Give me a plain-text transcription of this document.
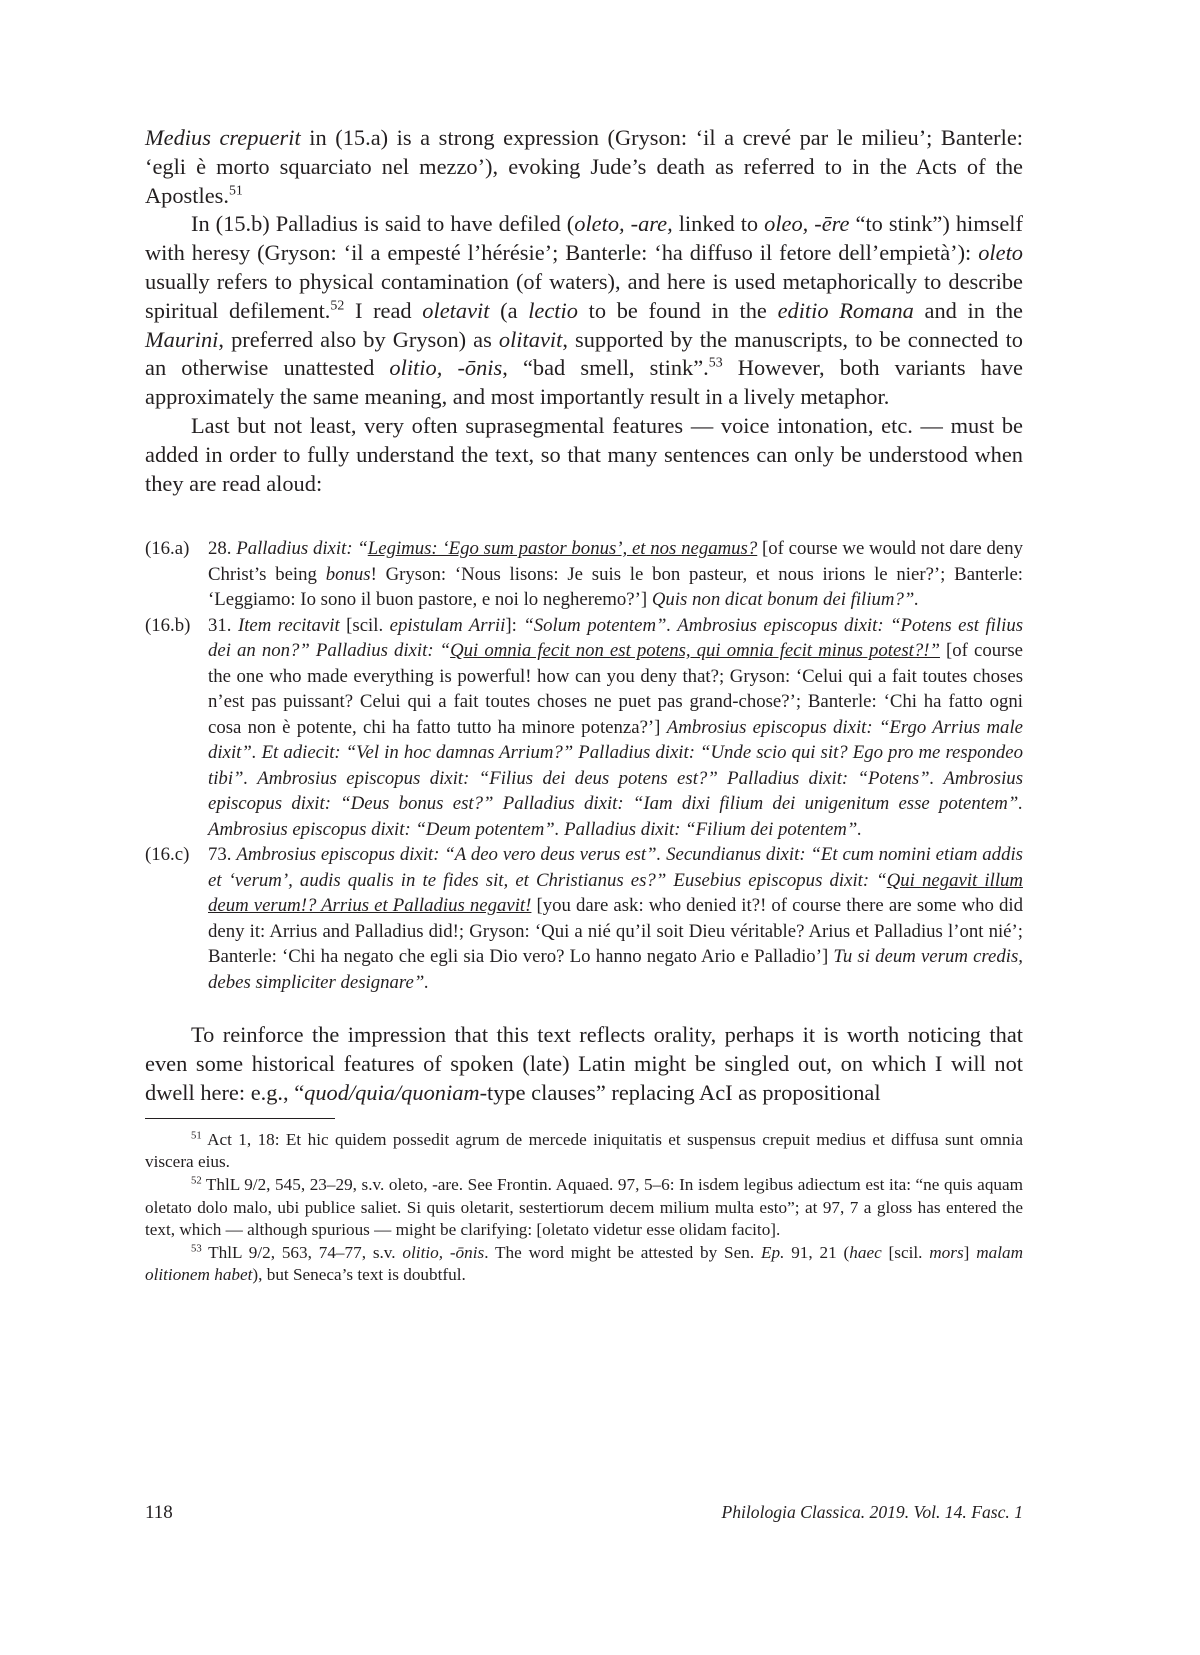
Medius crepuerit in (15.a) is a strong expression (Gryson: ‘il a crevé par le milieu’; Banterle: ‘egli è morto squarciato nel mezzo’), evoking Jude’s death as referred to in the Acts of the Apostles.$^{51}$

In (15.b) Palladius is said to have defiled (oleto, -are, linked to oleo, -ēre “to stink”) himself with heresy (Gryson: ‘il a empesté l’hérésie’; Banterle: ‘ha diffuso il fetore dell’empietà’): oleto usually refers to physical contamination (of waters), and here is used metaphorically to describe spiritual defilement.$^{52}$ I read oletavit (a lectio to be found in the editio Romana and in the Maurini, preferred also by Gryson) as olitavit, supported by the manuscripts, to be connected to an otherwise unattested olitio, -ōnis, “bad smell, stink”.$^{53}$ However, both variants have approximately the same meaning, and most importantly result in a lively metaphor.

Last but not least, very often suprasegmental features — voice intonation, etc. — must be added in order to fully understand the text, so that many sentences can only be understood when they are read aloud:

(16.a) 28. Palladius dixit: “Legimus: ‘Ego sum pastor bonus’, et nos negamus? [of course we would not dare deny Christ’s being bonus! Gryson: ‘Nous lisons: Je suis le bon pasteur, et nous irions le nier?’; Banterle: ‘Leggiamo: Io sono il buon pastore, e noi lo negheremo?’] Quis non dicat bonum dei filium?”.
(16.b) 31. Item recitavit [scil. epistulam Arrii]: “Solum potentem”. Ambrosius episcopus dixit: “Potens est filius dei an non?” Palladius dixit: “Qui omnia fecit non est potens, qui omnia fecit minus potest?!” [of course the one who made everything is powerful! how can you deny that?; Gryson: ‘Celui qui a fait toutes choses n’est pas puissant? Celui qui a fait toutes choses ne puet pas grand-chose?’; Banterle: ‘Chi ha fatto ogni cosa non è potente, chi ha fatto tutto ha minore potenza?’] Ambrosius episcopus dixit: “Ergo Arrius male dixit”. Et adiecit: “Vel in hoc damnas Arrium?” Palladius dixit: “Unde scio qui sit? Ego pro me respondeo tibi”. Ambrosius episcopus dixit: “Filius dei deus potens est?” Palladius dixit: “Potens”. Ambrosius episcopus dixit: “Deus bonus est?” Palladius dixit: “Iam dixi filium dei unigenitum esse potentem”. Ambrosius episcopus dixit: “Deum potentem”. Palladius dixit: “Filium dei potentem”.
(16.c) 73. Ambrosius episcopus dixit: “A deo vero deus verus est”. Secundianus dixit: “Et cum nomini etiam addis et ‘verum’, audis qualis in te fides sit, et Christianus es?” Eusebius episcopus dixit: “Qui negavit illum deum verum!? Arrius et Palladius negavit! [you dare ask: who denied it?! of course there are some who did deny it: Arrius and Palladius did!; Gryson: ‘Qui a nié qu’il soit Dieu véritable? Arius et Palladius l’ont nié’; Banterle: ‘Chi ha negato che egli sia Dio vero? Lo hanno negato Ario e Palladio’] Tu si deum verum credis, debes simpliciter designare”.

To reinforce the impression that this text reflects orality, perhaps it is worth noticing that even some historical features of spoken (late) Latin might be singled out, on which I will not dwell here: e.g., “quod/quia/quoniam-type clauses” replacing AcI as propositional

$^{51}$ Act 1, 18: Et hic quidem possedit agrum de mercede iniquitatis et suspensus crepuit medius et diffusa sunt omnia viscera eius.

$^{52}$ ThlL 9/2, 545, 23–29, s.v. oleto, -are. See Frontin. Aquaed. 97, 5–6: In isdem legibus adiectum est ita: “ne quis aquam oletato dolo malo, ubi publice saliet. Si quis oletarit, sestertiorum decem milium multa esto”; at 97, 7 a gloss has entered the text, which — although spurious — might be clarifying: [oletato videtur esse olidam facito].

$^{53}$ ThlL 9/2, 563, 74–77, s.v. olitio, -ōnis. The word might be attested by Sen. Ep. 91, 21 (haec [scil. mors] malam olitionem habet), but Seneca’s text is doubtful.

118	Philologia Classica. 2019. Vol. 14. Fasc. 1
